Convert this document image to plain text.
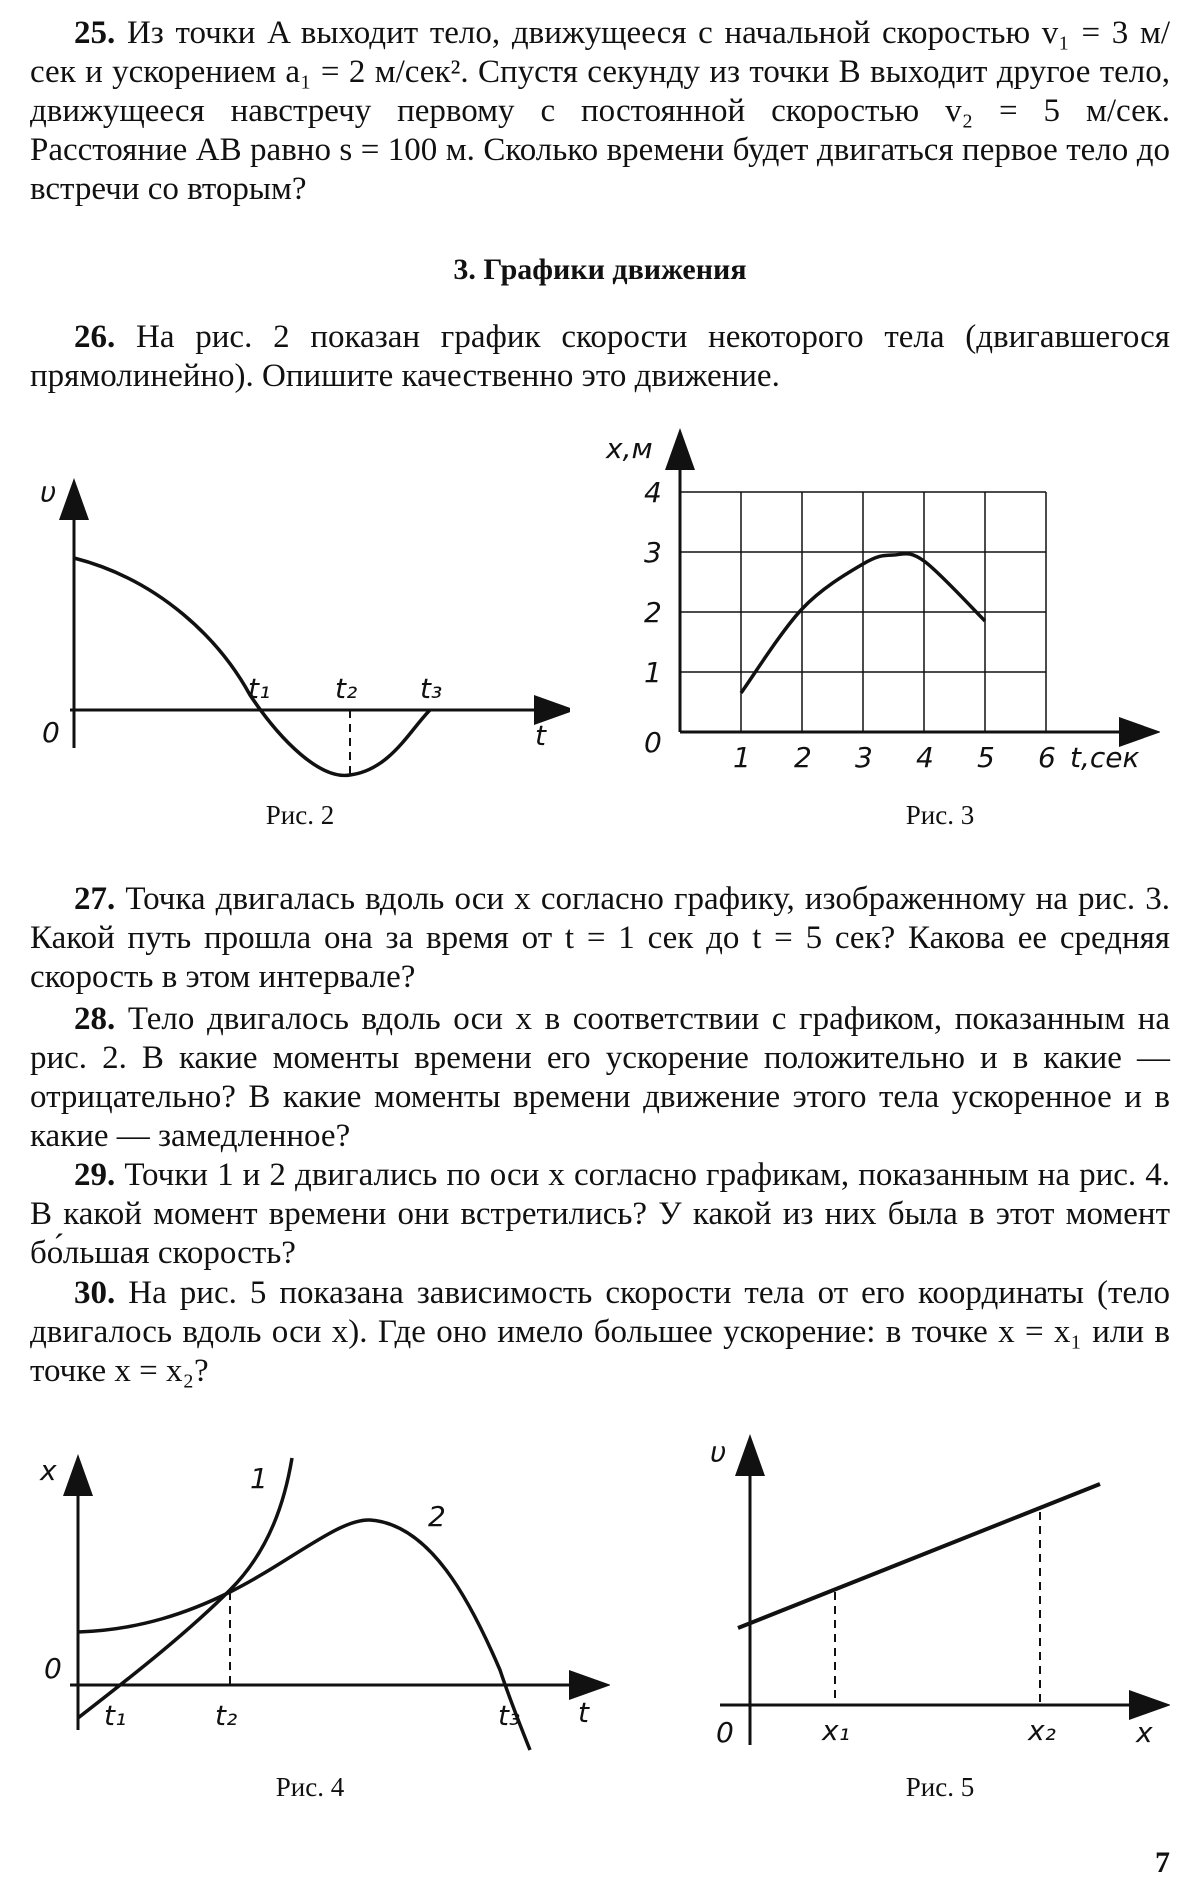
25. Из точки A выходит тело, движущееся с начальной скоростью v₁ = 3 м/сек и ускорением a₁ = 2 м/сек². Спустя секунду из точки B выходит другое тело, движущееся навстречу первому с постоянной скоростью v₂ = 5 м/сек. Расстояние AB равно s = 100 м. Сколько времени будет двигаться первое тело до встречи со вторым?

3. Графики движения

26. На рис. 2 показан график скорости некоторого тела (двигавшегося прямолинейно). Опишите качественно это движение.

υ
0	t
t₁ t₂ t₃
Рис. 2
1
2
3
4
1 2 3 4 5 6
x,м
0	t,сек
Рис. 3

27. Точка двигалась вдоль оси x согласно графику, изображенному на рис. 3. Какой путь прошла она за время от t = 1 сек до t = 5 сек? Какова ее средняя скорость в этом интервале?

28. Тело двигалось вдоль оси x в соответствии с графиком, показанным на рис. 2. В какие моменты времени его ускорение положительно и в какие — отрицательно? В какие моменты времени движение этого тела ускоренное и в какие — замедленное?

29. Точки 1 и 2 двигались по оси x согласно графикам, показанным на рис. 4. В какой момент времени они встретились? У какой из них была в этот момент бо́льшая скорость?

30. На рис. 5 показана зависимость скорости тела от его координаты (тело двигалось вдоль оси x). Где оно имело большее ускорение: в точке x = x₁ или в точке x = x₂?

x
0
t
t₁	t₂	t₃
1
2
Рис. 4
υ
0	x
x₁	x₂
Рис. 5
7
